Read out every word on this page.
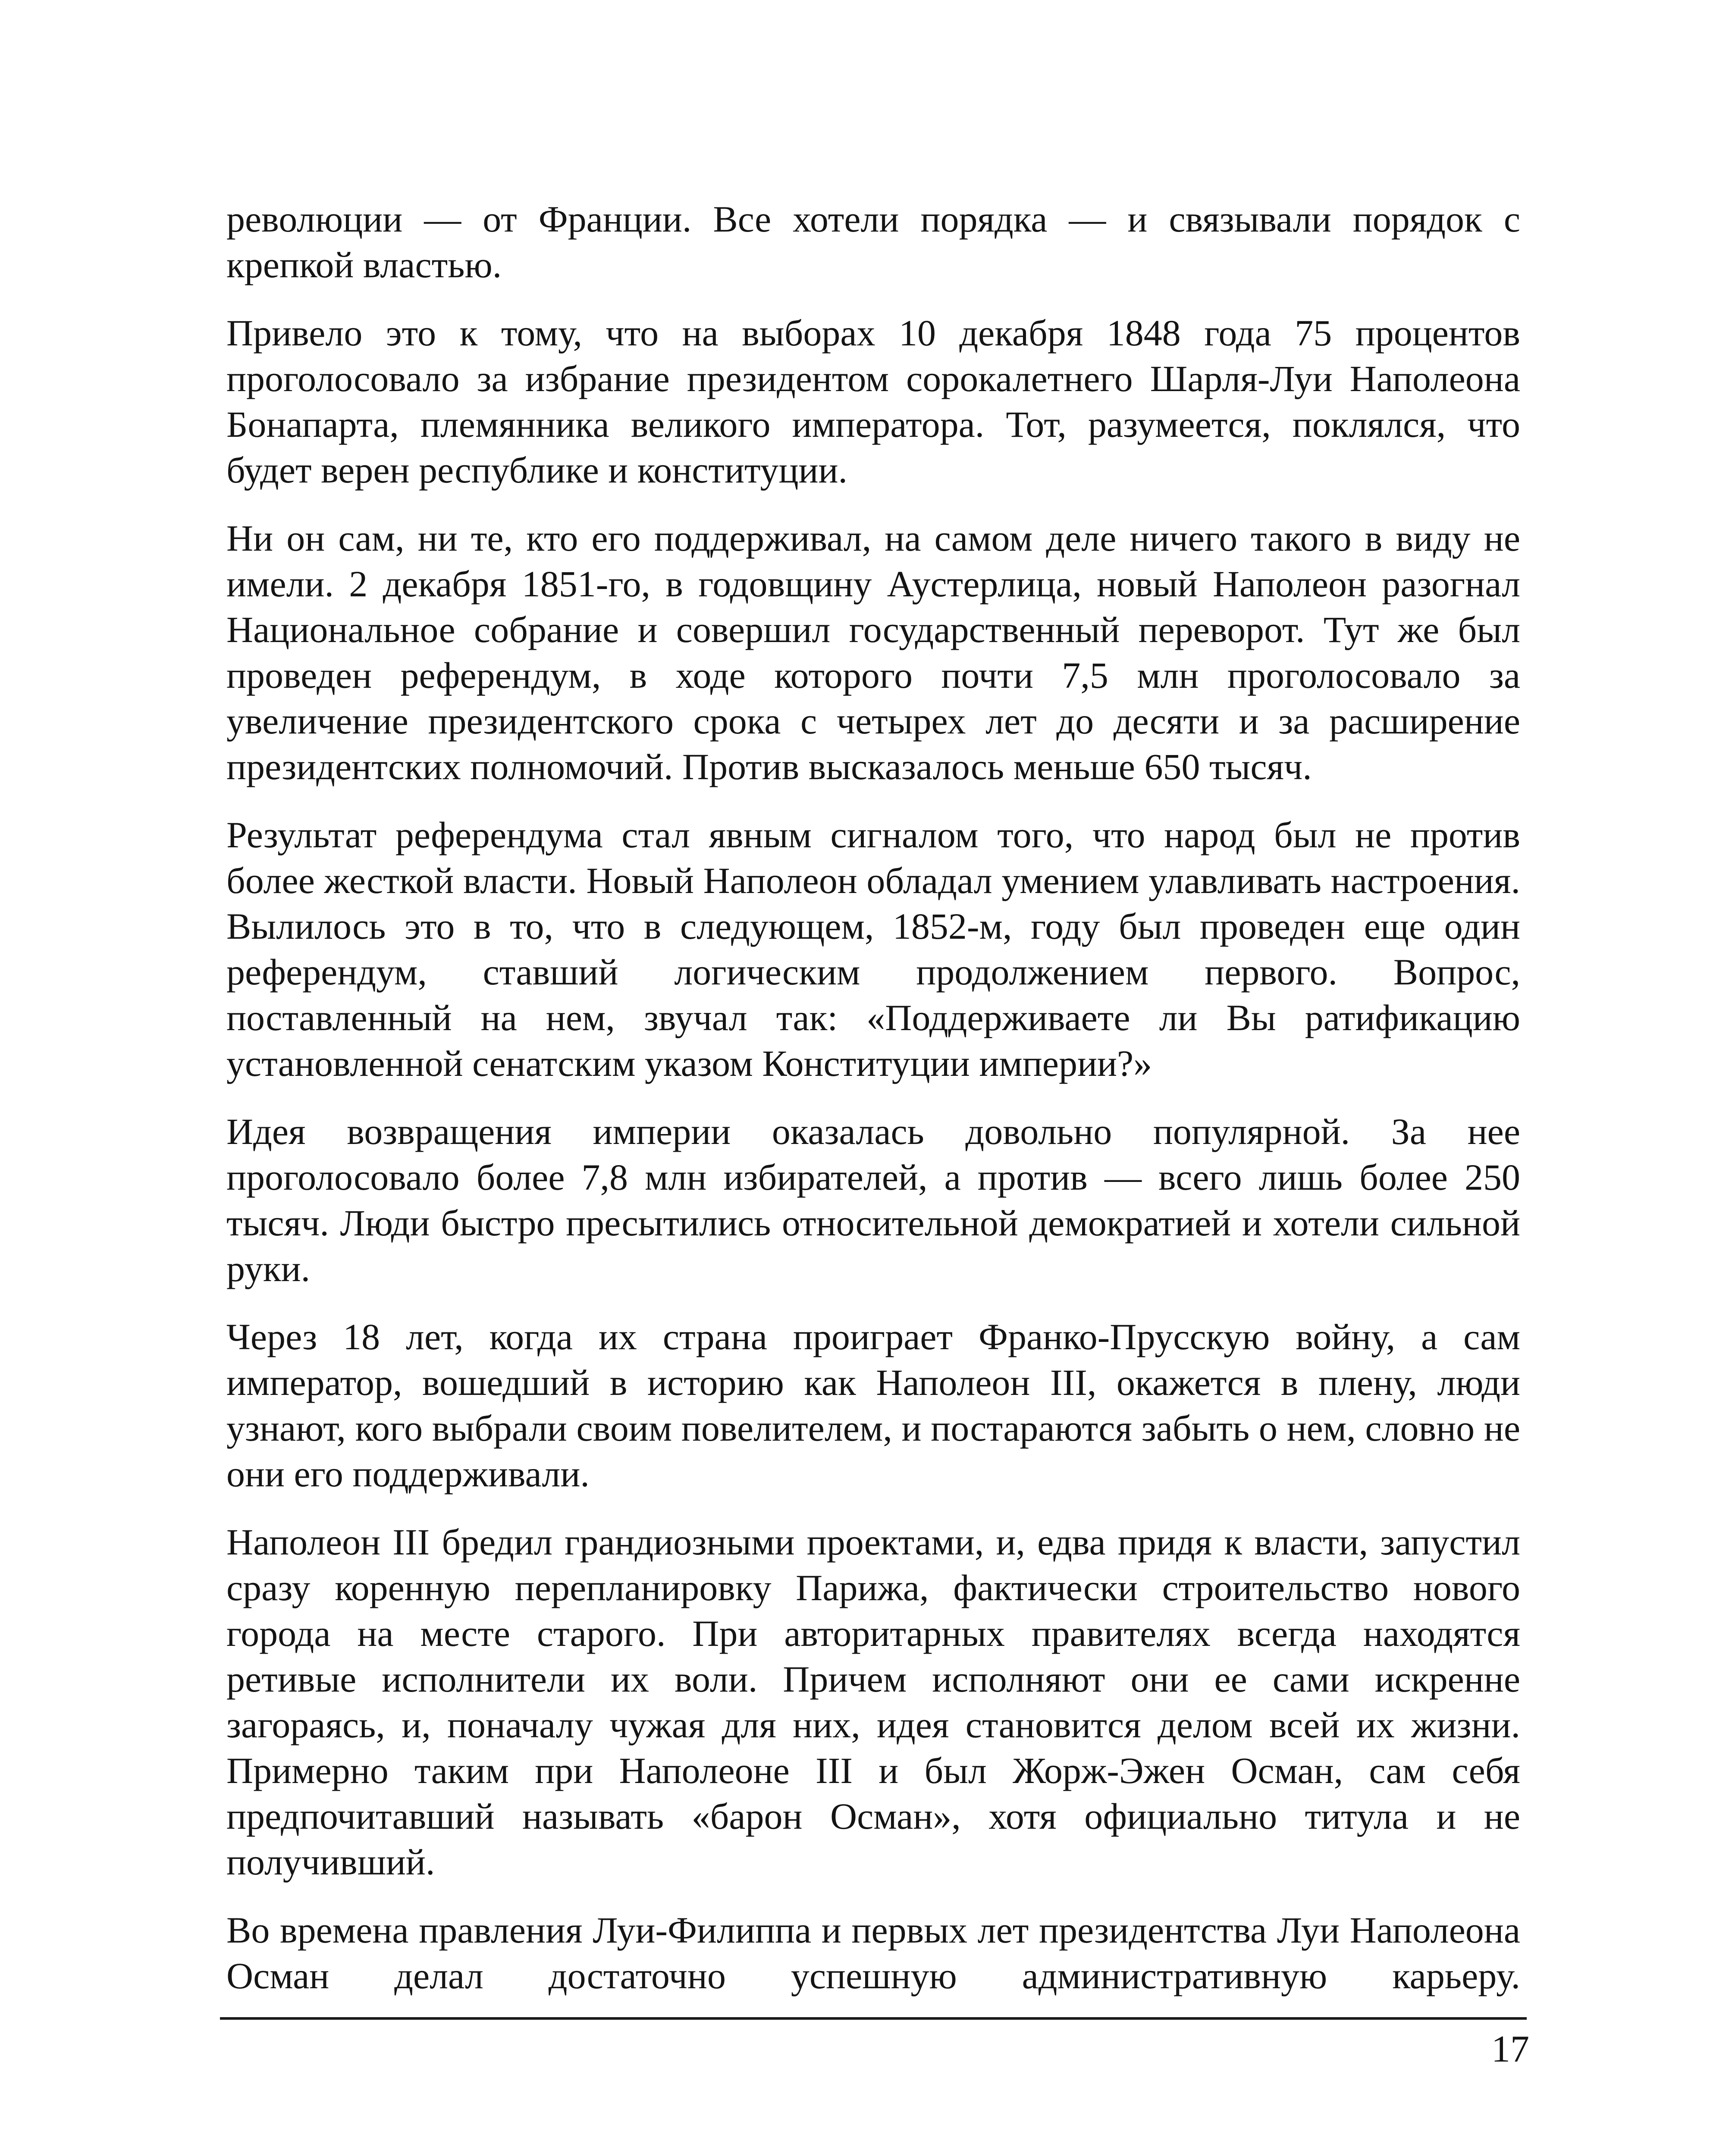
революции — от Франции. Все хотели порядка — и связывали порядок с крепкой властью.

Привело это к тому, что на выборах 10 декабря 1848 года 75 процентов проголосовало за избрание президентом сорокалетнего Шарля-Луи Наполеона Бонапарта, племянника великого императора. Тот, разумеется, поклялся, что будет верен республике и конституции.

Ни он сам, ни те, кто его поддерживал, на самом деле ничего такого в виду не имели. 2 декабря 1851-го, в годовщину Аустерлица, новый Наполеон разогнал Национальное собрание и совершил государственный переворот. Тут же был проведен референдум, в ходе которого почти 7,5 млн проголосовало за увеличение президентского срока с четырех лет до десяти и за расширение президентских полномочий. Против высказалось меньше 650 тысяч.

Результат референдума стал явным сигналом того, что народ был не против более жесткой власти. Новый Наполеон обладал умением улавливать настроения. Вылилось это в то, что в следующем, 1852-м, году был проведен еще один референдум, ставший логическим продолжением первого. Вопрос, поставленный на нем, звучал так: «Поддерживаете ли Вы ратификацию установленной сенатским указом Конституции империи?»

Идея возвращения империи оказалась довольно популярной. За нее проголосовало более 7,8 млн избирателей, а против — всего лишь более 250 тысяч. Люди быстро пресытились относительной демократией и хотели сильной руки.

Через 18 лет, когда их страна проиграет Франко-Прусскую войну, а сам император, вошедший в историю как Наполеон III, окажется в плену, люди узнают, кого выбрали своим повелителем, и постараются забыть о нем, словно не они его поддерживали.

Наполеон III бредил грандиозными проектами, и, едва придя к власти, запустил сразу коренную перепланировку Парижа, фактически строительство нового города на месте старого. При авторитарных правителях всегда находятся ретивые исполнители их воли. Причем исполняют они ее сами искренне загораясь, и, поначалу чужая для них, идея становится делом всей их жизни. Примерно таким при Наполеоне III и был Жорж-Эжен Осман, сам себя предпочитавший называть «барон Осман», хотя официально титула и не получивший.

Во времена правления Луи-Филиппа и первых лет президентства Луи Наполеона Осман делал достаточно успешную административную карьеру.

17
